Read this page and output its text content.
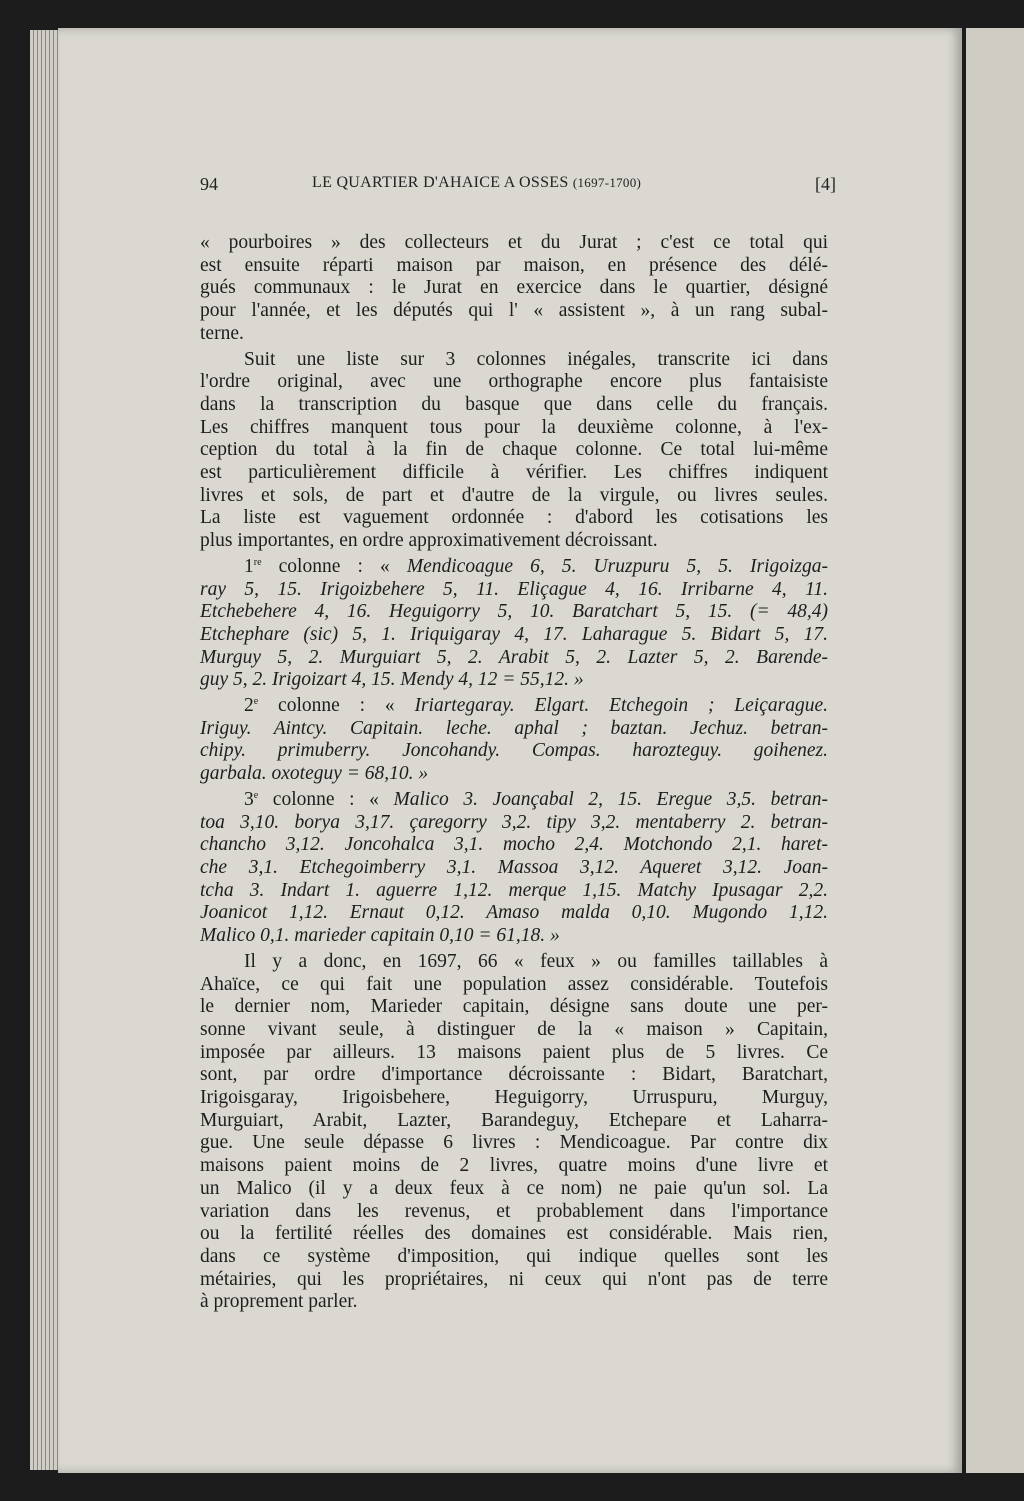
94	LE QUARTIER D'AHAICE A OSSES (1697-1700)	[4]
« pourboires » des collecteurs et du Jurat ; c'est ce total qui
est ensuite réparti maison par maison, en présence des délé-
gués communaux : le Jurat en exercice dans le quartier, désigné
pour l'année, et les députés qui l' « assistent », à un rang subal-
terne.
Suit une liste sur 3 colonnes inégales, transcrite ici dans
l'ordre original, avec une orthographe encore plus fantaisiste
dans la transcription du basque que dans celle du français.
Les chiffres manquent tous pour la deuxième colonne, à l'ex-
ception du total à la fin de chaque colonne. Ce total lui-même
est particulièrement difficile à vérifier. Les chiffres indiquent
livres et sols, de part et d'autre de la virgule, ou livres seules.
La liste est vaguement ordonnée : d'abord les cotisations les
plus importantes, en ordre approximativement décroissant.
1re colonne : « Mendicoague 6, 5. Uruzpuru 5, 5. Irigoizga-
ray 5, 15. Irigoizbehere 5, 11. Eliçague 4, 16. Irribarne 4, 11.
Etchebehere 4, 16. Heguigorry 5, 10. Baratchart 5, 15. (= 48,4)
Etchephare (sic) 5, 1. Iriquigaray 4, 17. Laharague 5. Bidart 5, 17.
Murguy 5, 2. Murguiart 5, 2. Arabit 5, 2. Lazter 5, 2. Barende-
guy 5, 2. Irigoizart 4, 15. Mendy 4, 12 = 55,12. »
2e colonne : « Iriartegaray. Elgart. Etchegoin ; Leiçarague.
Iriguy. Aintcy. Capitain. leche. aphal ; baztan. Jechuz. betran-
chipy. primuberry. Joncohandy. Compas. harozteguy. goihenez.
garbala. oxoteguy = 68,10. »
3e colonne : « Malico 3. Joançabal 2, 15. Eregue 3,5. betran-
toa 3,10. borya 3,17. çaregorry 3,2. tipy 3,2. mentaberry 2. betran-
chancho 3,12. Joncohalca 3,1. mocho 2,4. Motchondo 2,1. haret-
che 3,1. Etchegoimberry 3,1. Massoa 3,12. Aqueret 3,12. Joan-
tcha 3. Indart 1. aguerre 1,12. merque 1,15. Matchy Ipusagar 2,2.
Joanicot 1,12. Ernaut 0,12. Amaso malda 0,10. Mugondo 1,12.
Malico 0,1. marieder capitain 0,10 = 61,18. »
Il y a donc, en 1697, 66 « feux » ou familles taillables à
Ahaïce, ce qui fait une population assez considérable. Toutefois
le dernier nom, Marieder capitain, désigne sans doute une per-
sonne vivant seule, à distinguer de la « maison » Capitain,
imposée par ailleurs. 13 maisons paient plus de 5 livres. Ce
sont, par ordre d'importance décroissante : Bidart, Baratchart,
Irigoisgaray, Irigoisbehere, Heguigorry, Urruspuru, Murguy,
Murguiart, Arabit, Lazter, Barandeguy, Etchepare et Laharra-
gue. Une seule dépasse 6 livres : Mendicoague. Par contre dix
maisons paient moins de 2 livres, quatre moins d'une livre et
un Malico (il y a deux feux à ce nom) ne paie qu'un sol. La
variation dans les revenus, et probablement dans l'importance
ou la fertilité réelles des domaines est considérable. Mais rien,
dans ce système d'imposition, qui indique quelles sont les
métairies, qui les propriétaires, ni ceux qui n'ont pas de terre
à proprement parler.
